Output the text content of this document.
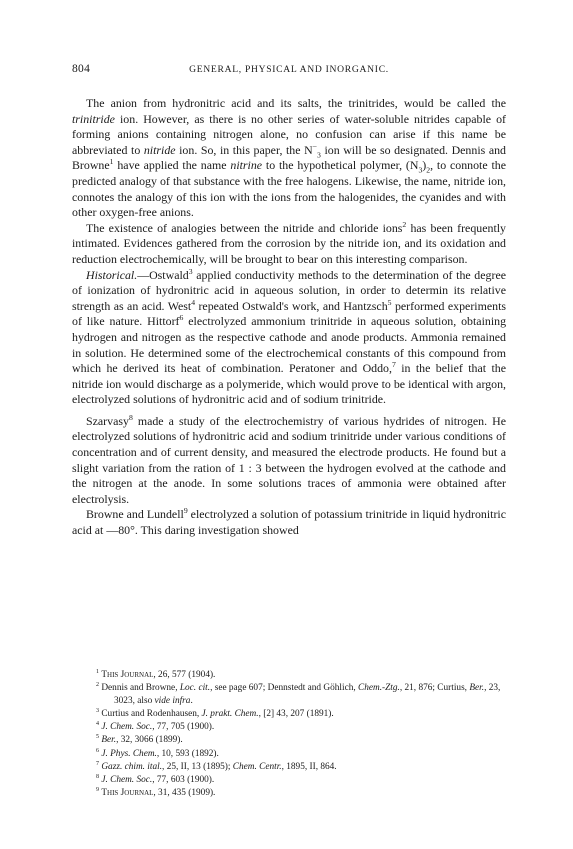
804	GENERAL, PHYSICAL AND INORGANIC.

The anion from hydronitric acid and its salts, the trinitrides, would be called the trinitride ion. However, as there is no other series of water-soluble nitrides capable of forming anions containing nitrogen alone, no confusion can arise if this name be abbreviated to nitride ion. So, in this paper, the $N^-_3$ ion will be so designated. Dennis and Browne$^1$ have applied the name nitrine to the hypothetical polymer, $(N_3)_2$, to connote the predicted analogy of that substance with the free halogens. Likewise, the name, nitride ion, connotes the analogy of this ion with the ions from the halogenides, the cyanides and with other oxygen-free anions.

The existence of analogies between the nitride and chloride ions$^2$ has been frequently intimated. Evidences gathered from the corrosion by the nitride ion, and its oxidation and reduction electrochemically, will be brought to bear on this interesting comparison.

Historical.—Ostwald$^3$ applied conductivity methods to the determination of the degree of ionization of hydronitric acid in aqueous solution, in order to determin its relative strength as an acid. West$^4$ repeated Ostwald's work, and Hantzsch$^5$ performed experiments of like nature. Hittorf$^6$ electrolyzed ammonium trinitride in aqueous solution, obtaining hydrogen and nitrogen as the respective cathode and anode products. Ammonia remained in solution. He determined some of the electrochemical constants of this compound from which he derived its heat of combination. Peratoner and Oddo,$^7$ in the belief that the nitride ion would discharge as a polymeride, which would prove to be identical with argon, electrolyzed solutions of hydronitric acid and of sodium trinitride.

Szarvasy$^8$ made a study of the electrochemistry of various hydrides of nitrogen. He electrolyzed solutions of hydronitric acid and sodium trinitride under various conditions of concentration and of current density, and measured the electrode products. He found but a slight variation from the ration of 1 : 3 between the hydrogen evolved at the cathode and the nitrogen at the anode. In some solutions traces of ammonia were obtained after electrolysis.

Browne and Lundell$^9$ electrolyzed a solution of potassium trinitride in liquid hydronitric acid at —80°. This daring investigation showed

$^1$ This Journal, 26, 577 (1904).

$^2$ Dennis and Browne, Loc. cit., see page 607; Dennstedt and Göhlich, Chem.-Ztg., 21, 876; Curtius, Ber., 23, 3023, also vide infra.

$^3$ Curtius and Rodenhausen, J. prakt. Chem., [2] 43, 207 (1891).

$^4$ J. Chem. Soc., 77, 705 (1900).

$^5$ Ber., 32, 3066 (1899).

$^6$ J. Phys. Chem., 10, 593 (1892).

$^7$ Gazz. chim. ital., 25, II, 13 (1895); Chem. Centr., 1895, II, 864.

$^8$ J. Chem. Soc., 77, 603 (1900).

$^9$ This Journal, 31, 435 (1909).
